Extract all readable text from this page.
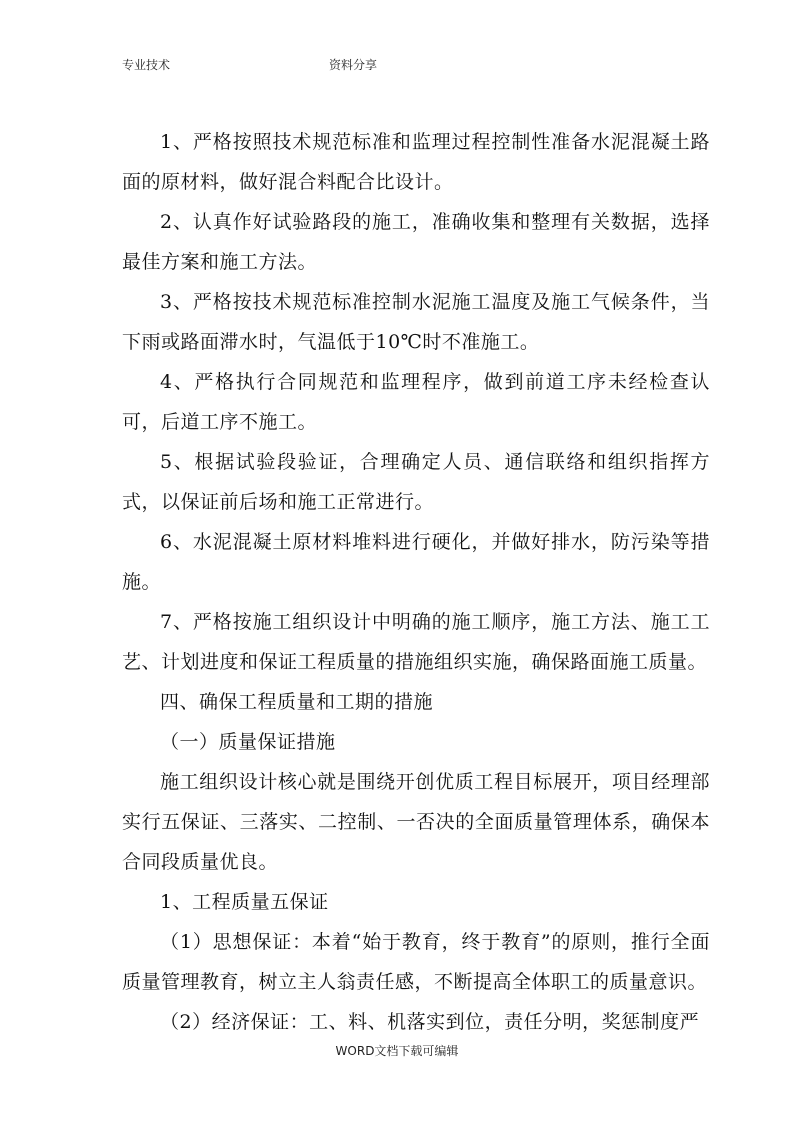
专业技术	资料分享

1、严格按照技术规范标准和监理过程控制性准备水泥混凝土路面的原材料，做好混合料配合比设计。

2、认真作好试验路段的施工，准确收集和整理有关数据，选择最佳方案和施工方法。

3、严格按技术规范标准控制水泥施工温度及施工气候条件，当下雨或路面滞水时，气温低于10℃时不准施工。

4、严格执行合同规范和监理程序，做到前道工序未经检查认可，后道工序不施工。

5、根据试验段验证，合理确定人员、通信联络和组织指挥方式，以保证前后场和施工正常进行。

6、水泥混凝土原材料堆料进行硬化，并做好排水，防污染等措施。

7、严格按施工组织设计中明确的施工顺序，施工方法、施工工艺、计划进度和保证工程质量的措施组织实施，确保路面施工质量。

四、确保工程质量和工期的措施

（一）质量保证措施

施工组织设计核心就是围绕开创优质工程目标展开，项目经理部实行五保证、三落实、二控制、一否决的全面质量管理体系，确保本合同段质量优良。

1、工程质量五保证

（1）思想保证：本着“始于教育，终于教育”的原则，推行全面质量管理教育，树立主人翁责任感，不断提高全体职工的质量意识。

（2）经济保证：工、料、机落实到位，责任分明，奖惩制度严

WORD文档下载可编辑
